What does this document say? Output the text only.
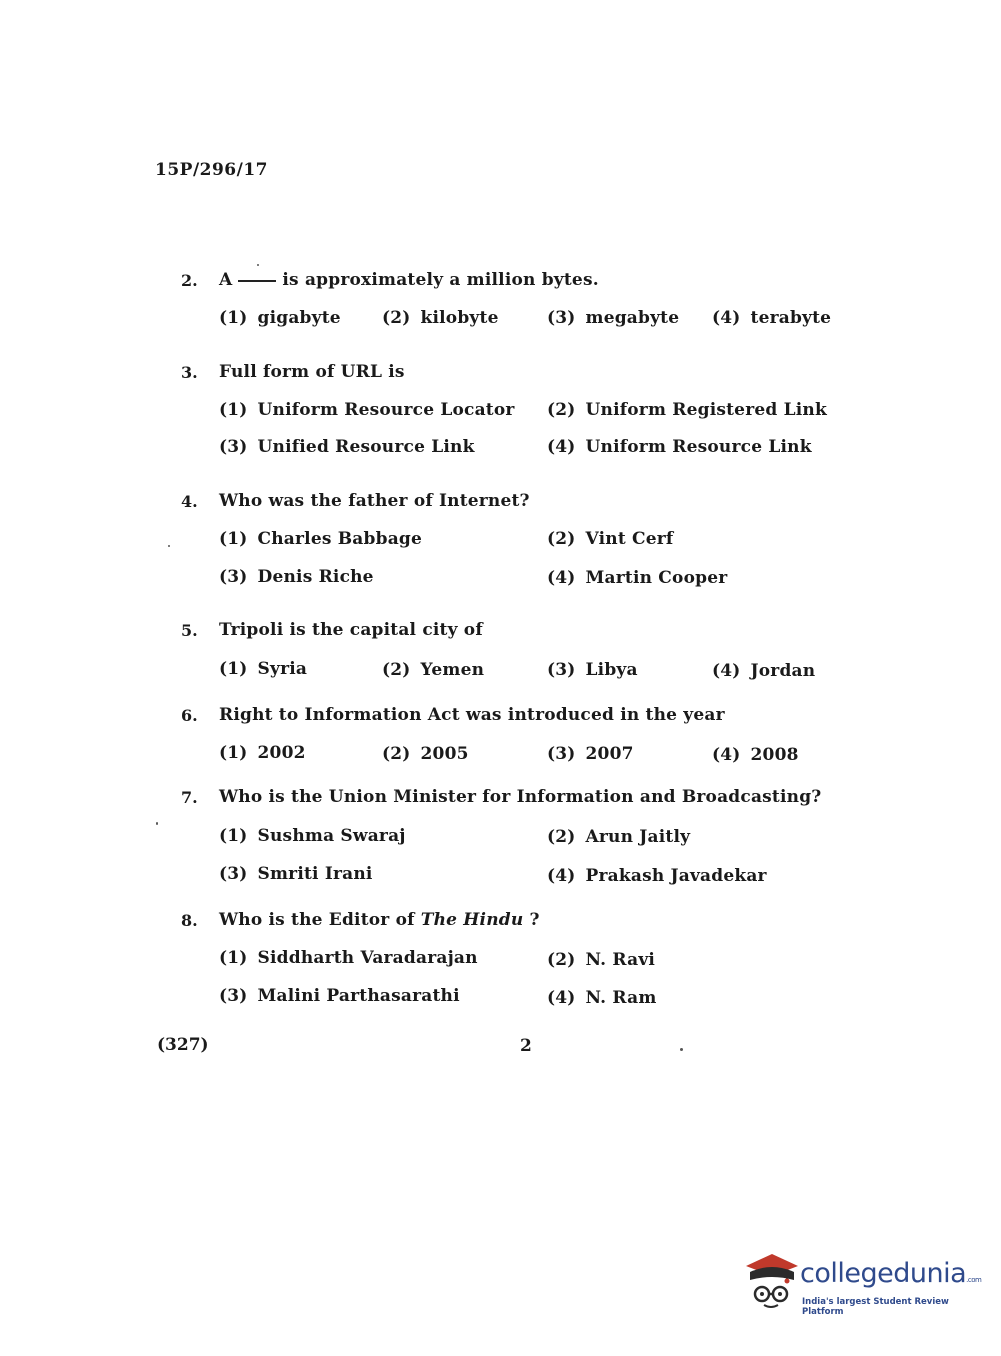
15P/296/17
2. A	is approximately a million bytes.
(1) gigabyte (2) kilobyte	(3) megabyte (4) terabyte
3. Full form of URL is
(1) Uniform Resource Locator (2) Uniform Registered Link
(3) Unified Resource Link	(4) Uniform Resource Link
4. Who was the father of Internet?
(1) Charles Babbage	(2) Vint Cerf
(3) Denis Riche	(4) Martin Cooper
5. Tripoli is the capital city of
(1) Syria	(2) Yemen	(3) Libya	(4) Jordan
6. Right to Information Act was introduced in the year
(1) 2002	(2) 2005	(3) 2007	(4) 2008
7. Who is the Union Minister for Information and Broadcasting?
(1) Sushma Swaraj	(2) Arun Jaitly
(3) Smriti Irani	(4) Prakash Javadekar
8. Who is the Editor of The Hindu ?
(1) Siddharth Varadarajan	(2) N. Ravi
(3) Malini Parthasarathi	(4) N. Ram
(327)	2
collegedunia.com
India's largest Student Review Platform
